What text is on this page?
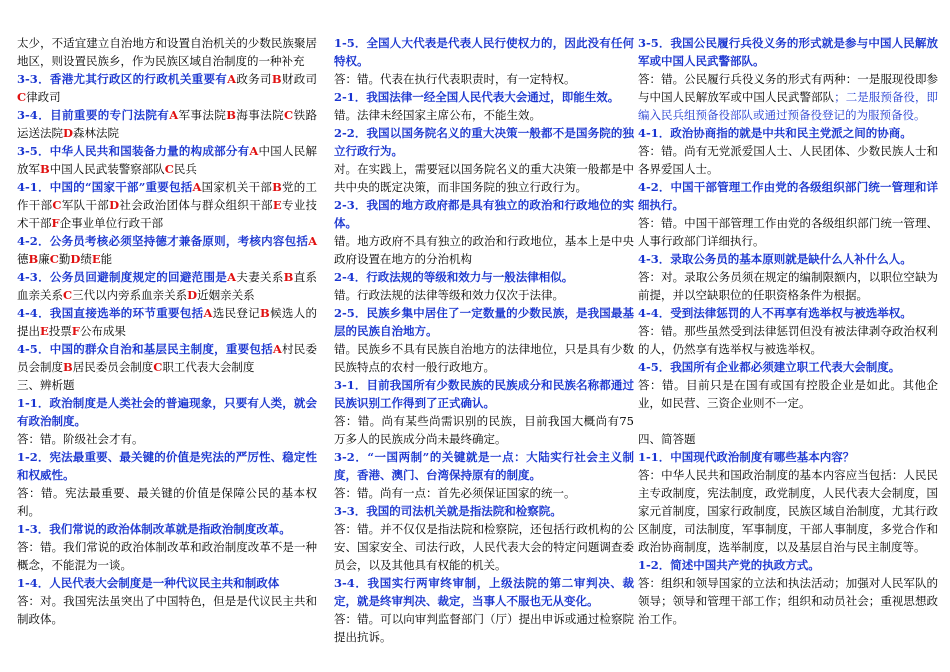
太少，不适宜建立自治地方和设置自治机关的少数民族聚居地区，则设置民族乡，作为民族区域自治制度的一种补充

3-3．香港尤其行政区的行政机关重要有A政务司B财政司C律政司

3-4．目前重要的专门法院有A军事法院B海事法院C铁路运送法院D森林法院

3-5．中华人民共和国装备力量的构成部分有A中国人民解放军B中国人民武装警察部队C民兵

4-1．中国的“国家干部”重要包括A国家机关干部B党的工作干部C军队干部D社会政治团体与群众组织干部E专业技术干部F企事业单位行政干部

4-2．公务员考核必须坚持德才兼备原则，考核内容包括A德B廉C勤D绩E能

4-3．公务员回避制度规定的回避范围是A夫妻关系B直系血亲关系C三代以内旁系血亲关系D近姻亲关系

4-4．我国直接选举的环节重要包括A选民登记B候选人的提出E投票F公布成果

4-5．中国的群众自治和基层民主制度，重要包括A村民委员会制度B居民委员会制度C职工代表大会制度

三、辨析题

1-1．政治制度是人类社会的普遍现象，只要有人类，就会有政治制度。

答：错。阶级社会才有。

1-2．宪法最重要、最关键的价值是宪法的严厉性、稳定性和权威性。

答：错。宪法最重要、最关键的价值是保障公民的基本权利。

1-3．我们常说的政治体制改革就是指政治制度改革。

答：错。我们常说的政治体制改革和政治制度改革不是一种概念，不能混为一谈。

1-4．人民代表大会制度是一种代议民主共和制政体

答：对。我国宪法虽突出了中国特色，但是是代议民主共和制政体。

1-5．全国人大代表是代表人民行使权力的，因此没有任何特权。

答：错。代表在执行代表职责时，有一定特权。

2-1．我国法律一经全国人民代表大会通过，即能生效。

错。法律未经国家主席公布，不能生效。

2-2．我国以国务院名义的重大决策一般都不是国务院的独立行政行为。

对。在实践上，需要冠以国务院名义的重大决策一般都是中共中央的既定决策，而非国务院的独立行政行为。

2-3．我国的地方政府都是具有独立的政治和行政地位的实体。

错。地方政府不具有独立的政治和行政地位，基本上是中央政府设置在地方的分治机构

2-4．行政法规的等级和效力与一般法律相似。

错。行政法规的法律等级和效力仅次于法律。

2-5．民族乡集中居住了一定数量的少数民族，是我国最基层的民族自治地方。

错。民族乡不具有民族自治地方的法律地位，只是具有少数民族特点的农村一般行政地方。

3-1．目前我国所有少数民族的民族成分和民族名称都通过民族识别工作得到了正式确认。

答：错。尚有某些尚需识别的民族，目前我国大概尚有75万多人的民族成分尚未最终确定。

3-2．“一国两制”的关键就是一点：大陆实行社会主义制度，香港、澳门、台湾保持原有的制度。

答：错。尚有一点：首先必须保证国家的统一。

3-3．我国的司法机关就是指法院和检察院。

答：错。并不仅仅是指法院和检察院，还包括行政机构的公安、国家安全、司法行政，人民代表大会的特定问题调查委员会，以及其他具有权能的机关。

3-4．我国实行两审终审制，上级法院的第二审判决、裁定，就是终审判决、裁定，当事人不服也无从变化。

答：错。可以向审判监督部门（厅）提出申诉或通过检察院提出抗诉。

3-5．我国公民履行兵役义务的形式就是参与中国人民解放军或中国人民武警部队。

答：错。公民履行兵役义务的形式有两种：一是服现役即参与中国人民解放军或中国人民武警部队；二是服预备役，即编入民兵组预备役部队或通过预备役登记的为服预备役。

4-1．政治协商指的就是中共和民主党派之间的协商。

答：错。尚有无党派爱国人士、人民团体、少数民族人士和各界爱国人士。

4-2．中国干部管理工作由党的各级组织部门统一管理和详细执行。

答：错。中国干部管理工作由党的各级组织部门统一管理、人事行政部门详细执行。

4-3．录取公务员的基本原则就是缺什么人补什么人。

答：对。录取公务员须在规定的编制限额内，以职位空缺为前提，并以空缺职位的任职资格条件为根据。

4-4．受到法律惩罚的人不再享有选举权与被选举权。

答：错。那些虽然受到法律惩罚但没有被法律剥夺政治权利的人，仍然享有选举权与被选举权。

4-5．我国所有企业都必须建立职工代表大会制度。

答：错。目前只是在国有或国有控股企业是如此。其他企业，如民营、三资企业则不一定。

四、简答题

1-1．中国现代政治制度有哪些基本内容？

答：中华人民共和国政治制度的基本内容应当包括：人民民主专政制度，宪法制度，政党制度，人民代表大会制度，国家元首制度，国家行政制度，民族区域自治制度，尤其行政区制度，司法制度，军事制度，干部人事制度，多党合作和政治协商制度，选举制度，以及基层自治与民主制度等。

1-2．简述中国共产党的执政方式。

答：组织和领导国家的立法和执法活动；加强对人民军队的领导；领导和管理干部工作；组织和动员社会；重视思想政治工作。
